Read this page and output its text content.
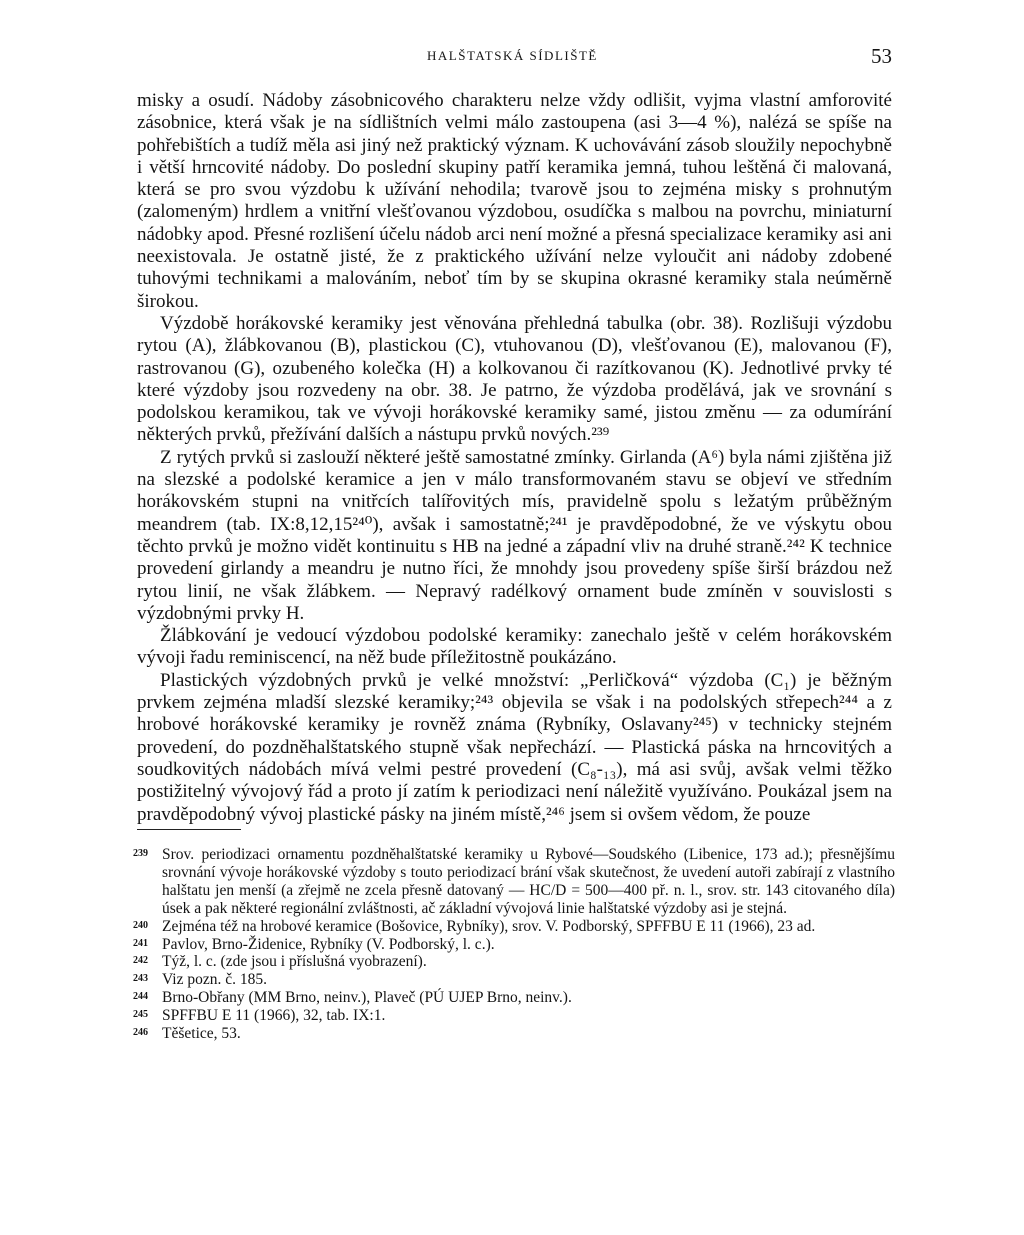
HALŠTATSKÁ SÍDLIŠTĚ	53

misky a osudí. Nádoby zásobnicového charakteru nelze vždy odlišit, vyjma vlastní amforovité zásobnice, která však je na sídlištních velmi málo zastoupena (asi 3—4 %), nalézá se spíše na pohřebištích a tudíž měla asi jiný než praktický význam. K uchovávání zásob sloužily nepochybně i větší hrncovité nádoby. Do poslední skupiny patří keramika jemná, tuhou leštěná či malovaná, která se pro svou výzdobu k užívání nehodila; tvarově jsou to zejména misky s prohnutým (zalomeným) hrdlem a vnitřní vlešťovanou výzdobou, osudíčka s malbou na povrchu, miniaturní nádobky apod. Přesné rozlišení účelu nádob arci není možné a přesná specializace keramiky asi ani neexistovala. Je ostatně jisté, že z praktického užívání nelze vyloučit ani nádoby zdobené tuhovými technikami a malováním, neboť tím by se skupina okrasné keramiky stala neúměrně širokou.

Výzdobě horákovské keramiky jest věnována přehledná tabulka (obr. 38). Rozlišuji výzdobu rytou (A), žlábkovanou (B), plastickou (C), vtuhovanou (D), vlešťovanou (E), malovanou (F), rastrovanou (G), ozubeného kolečka (H) a kolkovanou či razítkovanou (K). Jednotlivé prvky té které výzdoby jsou rozvedeny na obr. 38. Je patrno, že výzdoba prodělává, jak ve srovnání s podolskou keramikou, tak ve vývoji horákovské keramiky samé, jistou změnu — za odumírání některých prvků, přežívání dalších a nástupu prvků nových.²³⁹

Z rytých prvků si zaslouží některé ještě samostatné zmínky. Girlanda (A⁶) byla námi zjištěna již na slezské a podolské keramice a jen v málo transformovaném stavu se objeví ve středním horákovském stupni na vnitřcích talířovitých mís, pravidelně spolu s ležatým průběžným meandrem (tab. IX:8,12,15²⁴⁰), avšak i samostatně;²⁴¹ je pravděpodobné, že ve výskytu obou těchto prvků je možno vidět kontinuitu s HB na jedné a západní vliv na druhé straně.²⁴² K technice provedení girlandy a meandru je nutno říci, že mnohdy jsou provedeny spíše širší brázdou než rytou linií, ne však žlábkem. — Nepravý radélkový ornament bude zmíněn v souvislosti s výzdobnými prvky H.

Žlábkování je vedoucí výzdobou podolské keramiky: zanechalo ještě v celém horákovském vývoji řadu reminiscencí, na něž bude příležitostně poukázáno.

Plastických výzdobných prvků je velké množství: „Perličková“ výzdoba (C₁) je běžným prvkem zejména mladší slezské keramiky;²⁴³ objevila se však i na podolských střepech²⁴⁴ a z hrobové horákovské keramiky je rovněž známa (Rybníky, Oslavany²⁴⁵) v technicky stejném provedení, do pozdněhalštatského stupně však nepřechází. — Plastická páska na hrncovitých a soudkovitých nádobách mívá velmi pestré provedení (C₈-₁₃), má asi svůj, avšak velmi těžko postižitelný vývojový řád a proto jí zatím k periodizaci není náležitě využíváno. Poukázal jsem na pravděpodobný vývoj plastické pásky na jiném místě,²⁴⁶ jsem si ovšem vědom, že pouze

239 Srov. periodizaci ornamentu pozdněhalštatské keramiky u Rybové—Soudského (Libenice, 173 ad.); přesnějšímu srovnání vývoje horákovské výzdoby s touto periodizací brání však skutečnost, že uvedení autoři zabírají z vlastního halštatu jen menší (a zřejmě ne zcela přesně datovaný — HC/D = 500—400 př. n. l., srov. str. 143 citovaného díla) úsek a pak některé regionální zvláštnosti, ač základní vývojová linie halštatské výzdoby asi je stejná.
240 Zejména též na hrobové keramice (Bošovice, Rybníky), srov. V. Podborský, SPFFBU E 11 (1966), 23 ad.
241 Pavlov, Brno-Židenice, Rybníky (V. Podborský, l. c.).
242 Týž, l. c. (zde jsou i příslušná vyobrazení).
243 Viz pozn. č. 185.
244 Brno-Obřany (MM Brno, neinv.), Plaveč (PÚ UJEP Brno, neinv.).
245 SPFFBU E 11 (1966), 32, tab. IX:1.
246 Těšetice, 53.
